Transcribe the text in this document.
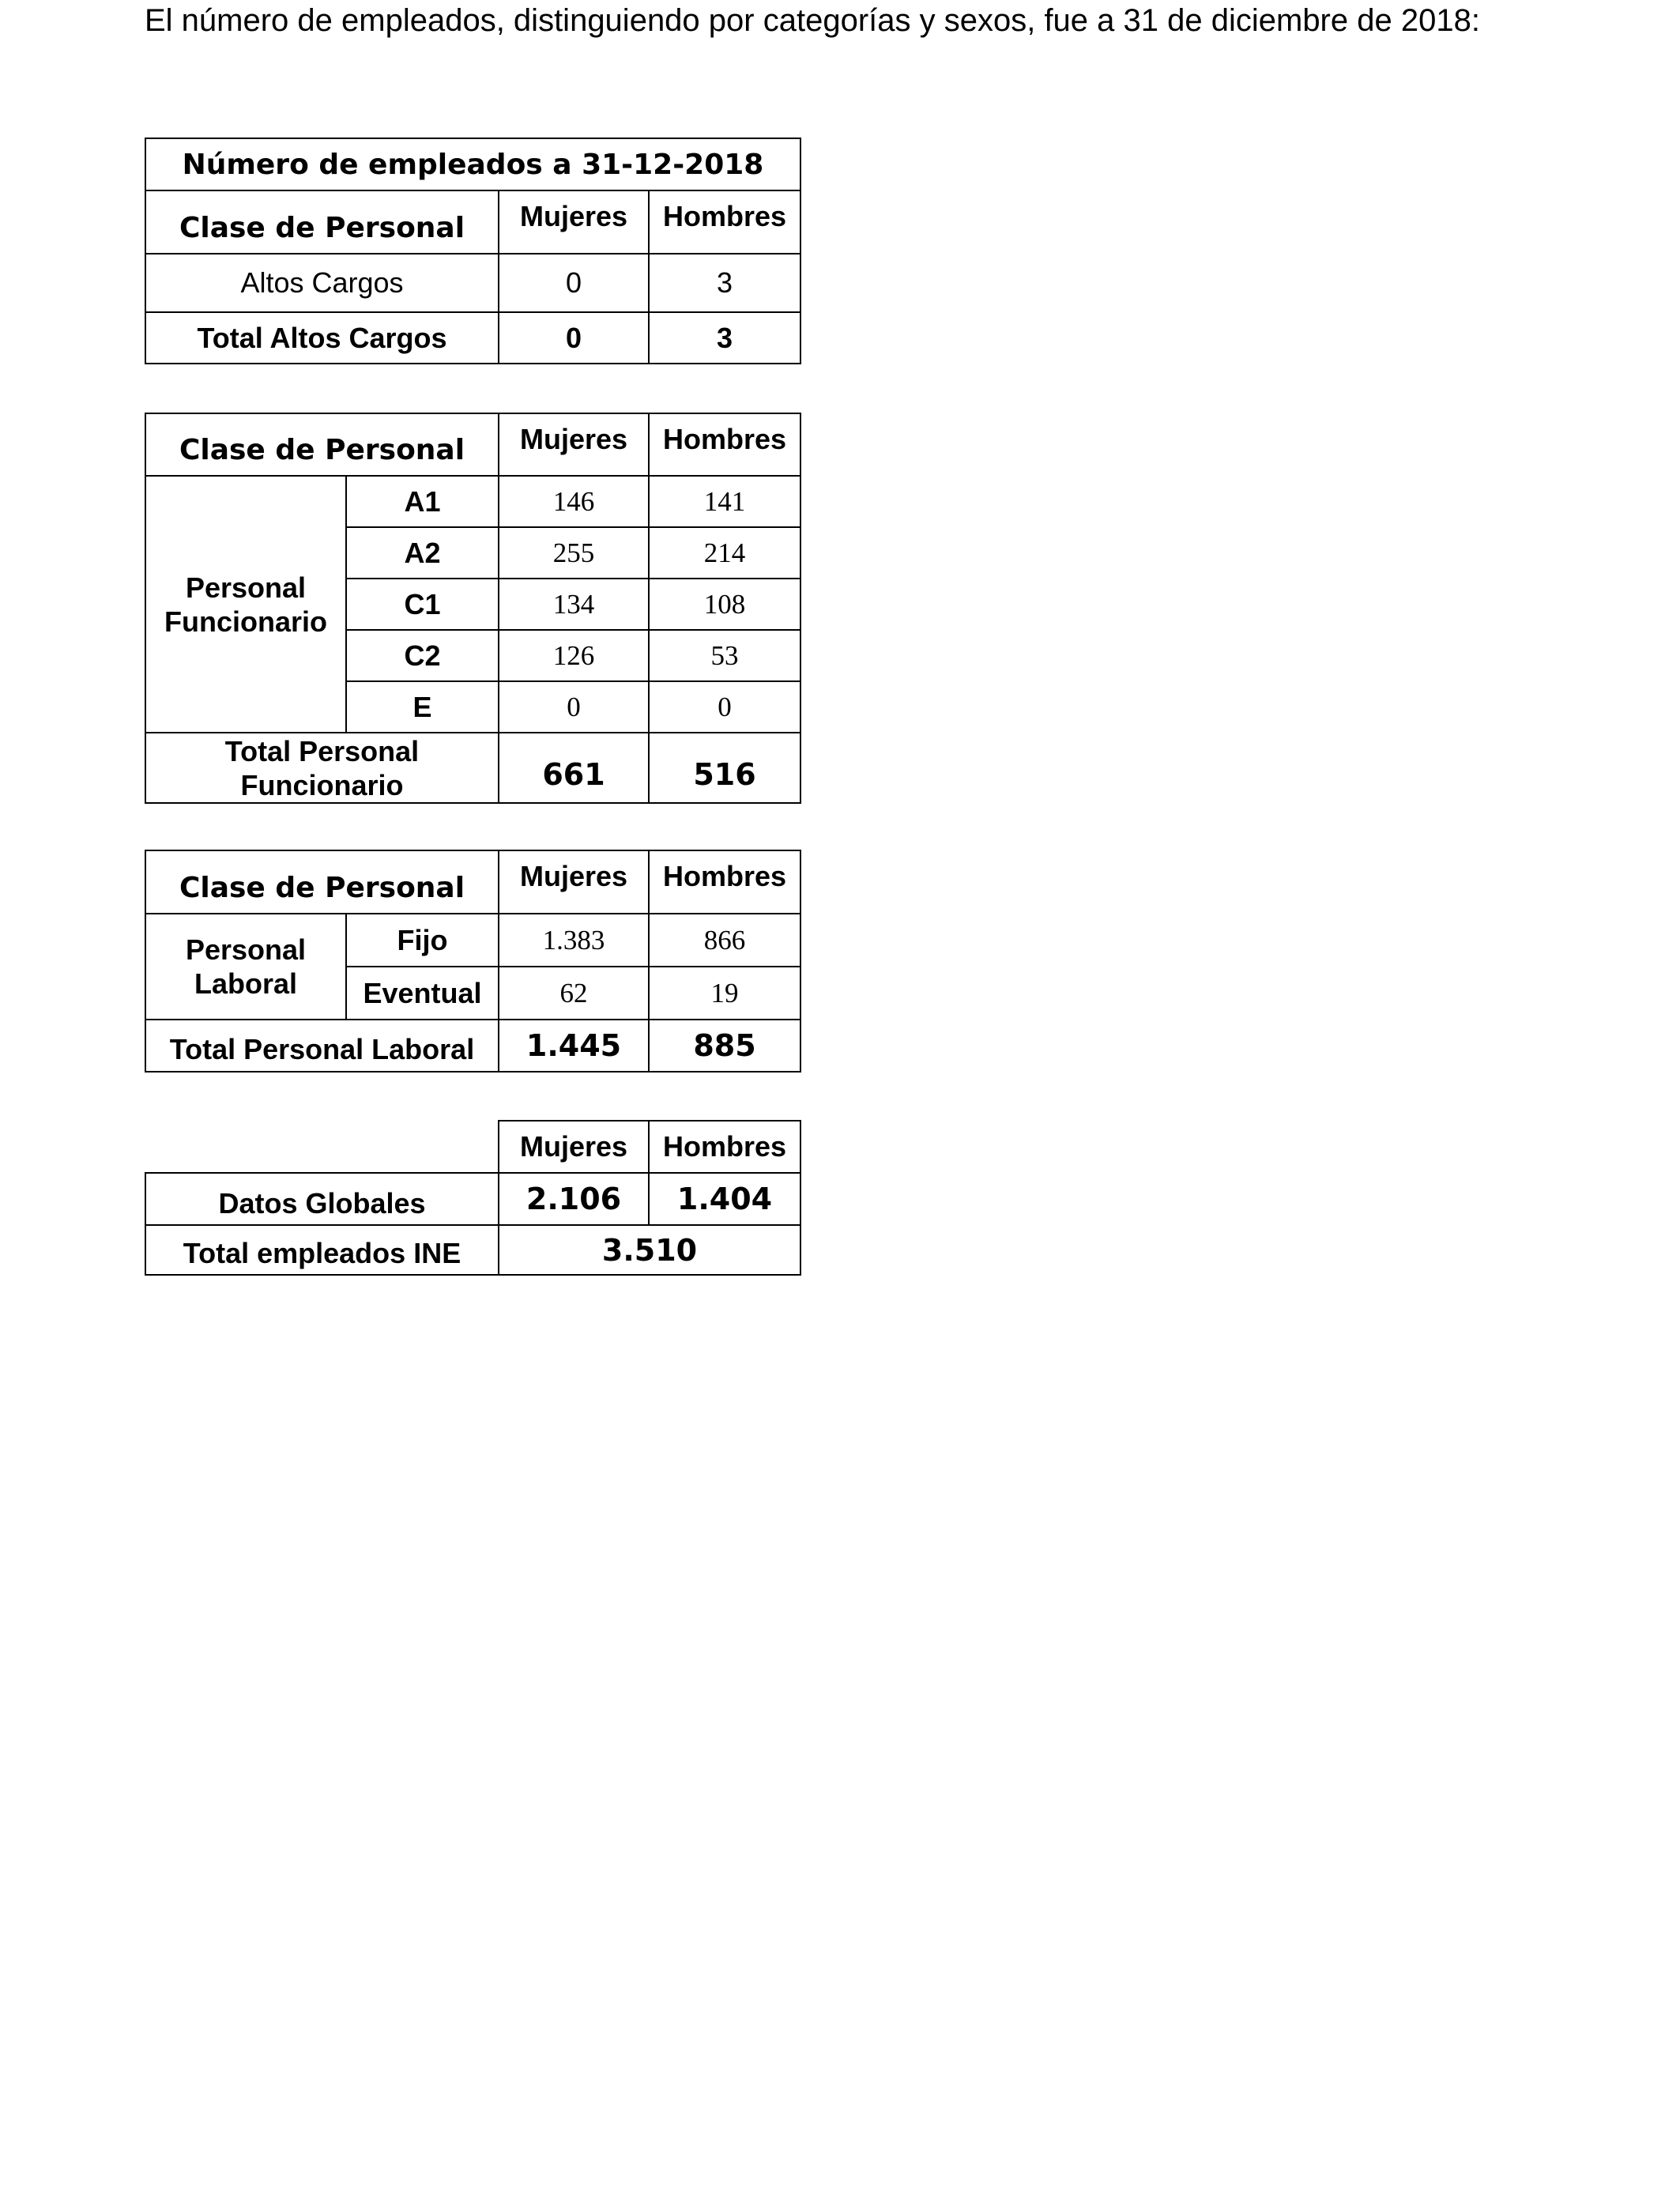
El número de empleados, distinguiendo por categorías y sexos, fue a 31 de diciembre de 2018:

Número de empleados a 31-12-2018		
Clase de Personal	Mujeres	Hombres
Altos Cargos	0	3
Total Altos Cargos	0	3
Clase de Personal		Mujeres	Hombres
Personal Funcionario	A1	146	141
	A2	255	214
	C1	134	108
	C2	126	53
	E	0	0
Total Personal Funcionario		661	516
Clase de Personal		Mujeres	Hombres
Personal Laboral	Fijo	1.383	866
	Eventual	62	19
Total Personal Laboral		1.445	885
	Mujeres	Hombres
Datos Globales	2.106	1.404
Total empleados INE	3.510	
